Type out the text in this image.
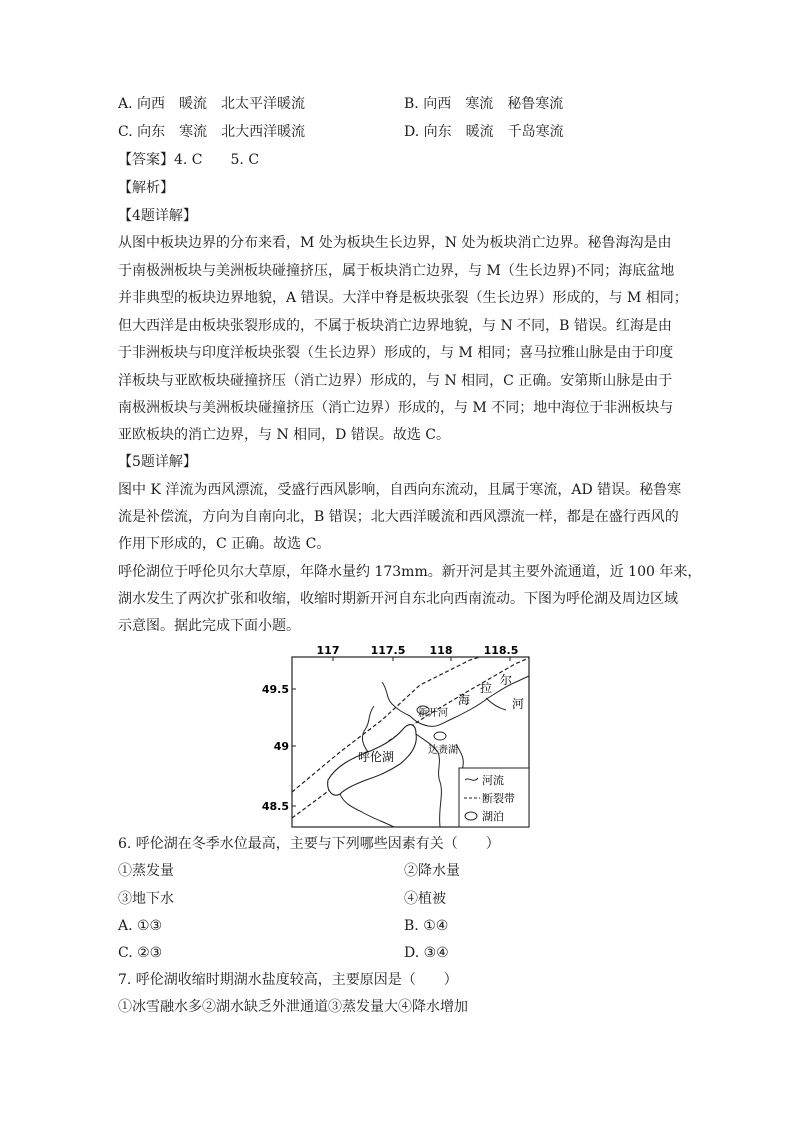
A. 向西　暖流　北太平洋暖流	B. 向西　寒流　秘鲁寒流
C. 向东　寒流　北大西洋暖流	D. 向东　暖流　千岛寒流
【答案】4. C　　5. C
【解析】
【4题详解】
从图中板块边界的分布来看，M 处为板块生长边界，N 处为板块消亡边界。秘鲁海沟是由
于南极洲板块与美洲板块碰撞挤压，属于板块消亡边界，与 M（生长边界)不同；海底盆地
并非典型的板块边界地貌，A 错误。大洋中脊是板块张裂（生长边界）形成的，与 M 相同；
但大西洋是由板块张裂形成的，不属于板块消亡边界地貌，与 N 不同，B 错误。红海是由
于非洲板块与印度洋板块张裂（生长边界）形成的，与 M 相同；喜马拉雅山脉是由于印度
洋板块与亚欧板块碰撞挤压（消亡边界）形成的，与 N 相同，C 正确。安第斯山脉是由于
南极洲板块与美洲板块碰撞挤压（消亡边界）形成的，与 M 不同；地中海位于非洲板块与
亚欧板块的消亡边界，与 N 相同，D 错误。故选 C。
【5题详解】
图中 K 洋流为西风漂流，受盛行西风影响，自西向东流动，且属于寒流，AD 错误。秘鲁寒
流是补偿流，方向为自南向北，B 错误；北大西洋暖流和西风漂流一样，都是在盛行西风的
作用下形成的，C 正确。故选 C。
呼伦湖位于呼伦贝尔大草原，年降水量约 173mm。新开河是其主要外流通道，近 100 年来，
湖水发生了两次扩张和收缩，收缩时期新开河自东北向西南流动。下图为呼伦湖及周边区域
示意图。据此完成下面小题。
117	117.5 118	118.5
49.5
49
48.5
新开河
呼伦湖	达赉湖
海
拉
尔
河
河流
断裂带
湖泊
6. 呼伦湖在冬季水位最高，主要与下列哪些因素有关（　　）
①蒸发量	②降水量
③地下水	④植被
A. ①③	B. ①④
C. ②③	D. ③④
7. 呼伦湖收缩时期湖水盐度较高，主要原因是（　　）
①冰雪融水多②湖水缺乏外泄通道③蒸发量大④降水增加
